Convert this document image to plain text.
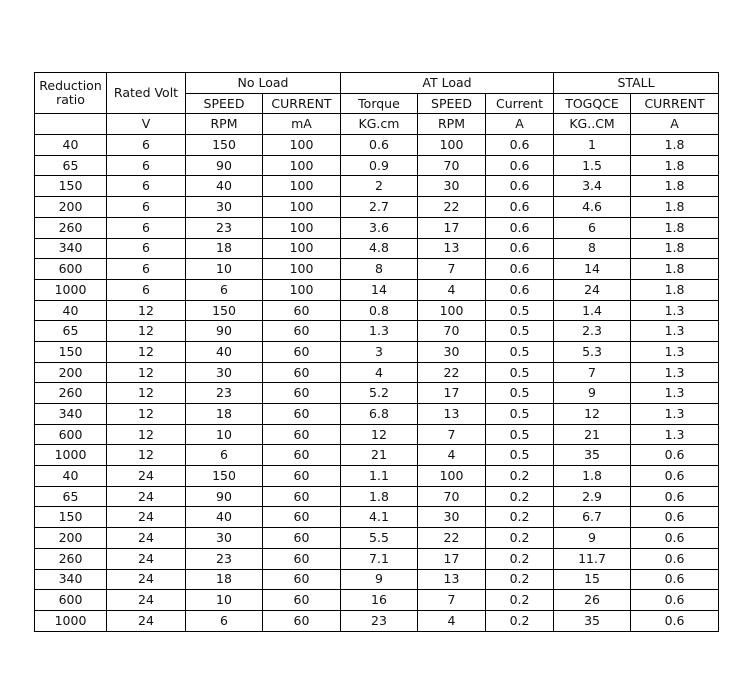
Reduction ratio	Rated Volt	No Load		AT Load			STALL	
		SPEED	CURRENT	Torque	SPEED	Current	TOGQCE	CURRENT
	V	RPM	mA	KG.cm	RPM	A	KG..CM	A
40	6	150	100	0.6	100	0.6	1	1.8
65	6	90	100	0.9	70	0.6	1.5	1.8
150	6	40	100	2	30	0.6	3.4	1.8
200	6	30	100	2.7	22	0.6	4.6	1.8
260	6	23	100	3.6	17	0.6	6	1.8
340	6	18	100	4.8	13	0.6	8	1.8
600	6	10	100	8	7	0.6	14	1.8
1000	6	6	100	14	4	0.6	24	1.8
40	12	150	60	0.8	100	0.5	1.4	1.3
65	12	90	60	1.3	70	0.5	2.3	1.3
150	12	40	60	3	30	0.5	5.3	1.3
200	12	30	60	4	22	0.5	7	1.3
260	12	23	60	5.2	17	0.5	9	1.3
340	12	18	60	6.8	13	0.5	12	1.3
600	12	10	60	12	7	0.5	21	1.3
1000	12	6	60	21	4	0.5	35	0.6
40	24	150	60	1.1	100	0.2	1.8	0.6
65	24	90	60	1.8	70	0.2	2.9	0.6
150	24	40	60	4.1	30	0.2	6.7	0.6
200	24	30	60	5.5	22	0.2	9	0.6
260	24	23	60	7.1	17	0.2	11.7	0.6
340	24	18	60	9	13	0.2	15	0.6
600	24	10	60	16	7	0.2	26	0.6
1000	24	6	60	23	4	0.2	35	0.6
